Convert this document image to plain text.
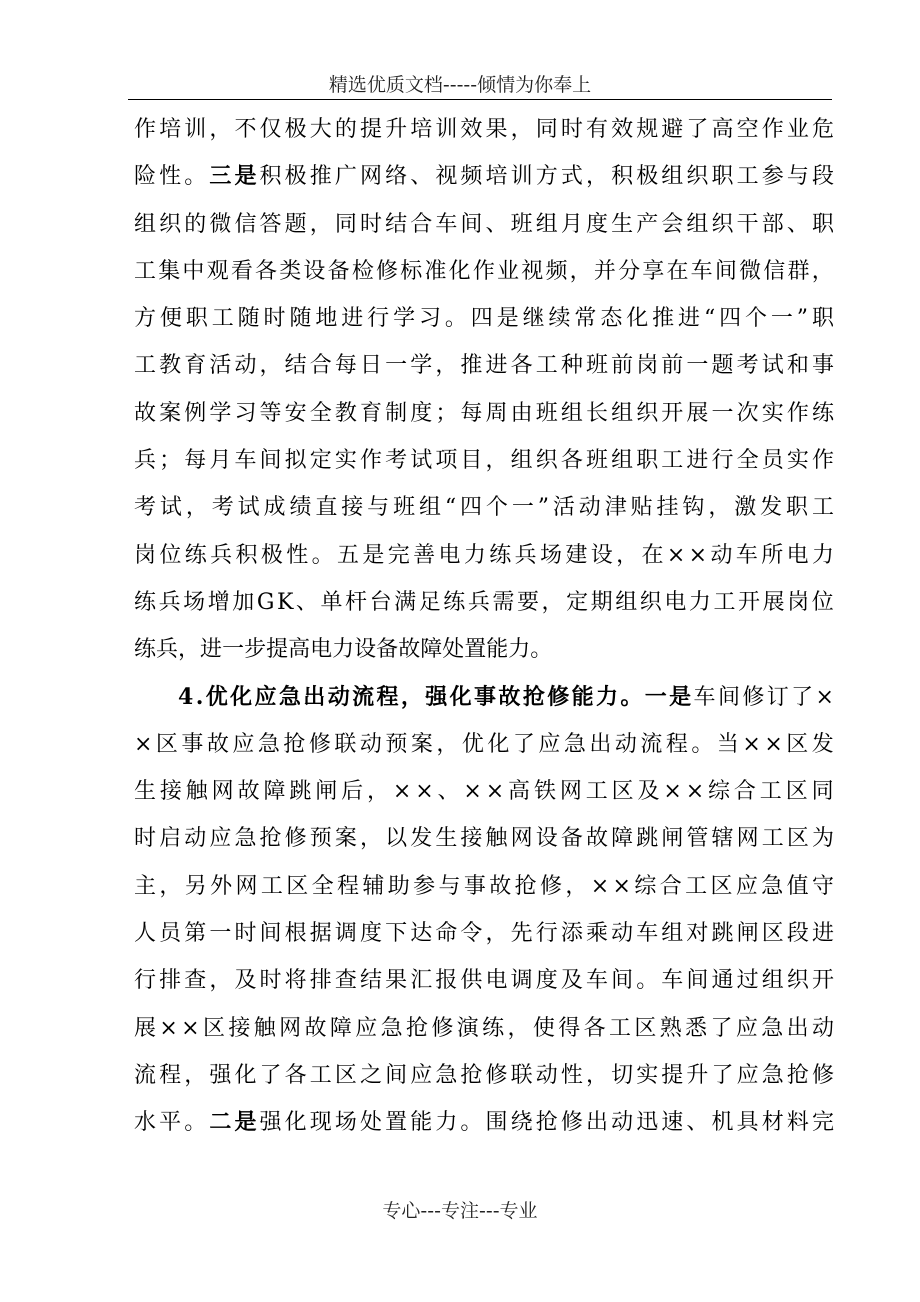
精选优质文档-----倾情为你奉上
作 培 训 ， 不 仅 极 大 的 提 升 培 训 效 果 ， 同 时 有 效 规 避 了 高 空 作 业 危
险 性 。 三 是 积 极 推 广 网 络 、 视 频 培 训 方 式 ， 积 极 组 织 职 工 参 与 段
组 织 的 微 信 答 题 ， 同 时 结 合 车 间 、 班 组 月 度 生 产 会 组 织 干 部 、 职
工 集 中 观 看 各 类 设 备 检 修 标 准 化 作 业 视 频 ， 并 分 享 在 车 间 微 信 群 ，
方 便 职 工 随 时 随 地 进 行 学 习 。 四 是 继 续 常 态 化 推 进 “ 四 个 一 ” 职
工 教 育 活 动 ， 结 合 每 日 一 学 ， 推 进 各 工 种 班 前 岗 前 一 题 考 试 和 事
故 案 例 学 习 等 安 全 教 育 制 度 ； 每 周 由 班 组 长 组 织 开 展 一 次 实 作 练
兵 ； 每 月 车 间 拟 定 实 作 考 试 项 目 ， 组 织 各 班 组 职 工 进 行 全 员 实 作
考 试 ， 考 试 成 绩 直 接 与 班 组 “ 四 个 一 ” 活 动 津 贴 挂 钩 ， 激 发 职 工
岗 位 练 兵 积 极 性 。 五 是 完 善 电 力 练 兵 场 建 设 ， 在 × × 动 车 所 电 力
练 兵 场 增 加 G K 、 单 杆 台 满 足 练 兵 需 要 ， 定 期 组 织 电 力 工 开 展 岗 位
练兵，进一步提高电力设备故障处置能力。
4 . 优 化 应 急 出 动 流 程 ， 强 化 事 故 抢 修 能 力 。 一 是 车 间 修 订 了 ×
× 区 事 故 应 急 抢 修 联 动 预 案 ， 优 化 了 应 急 出 动 流 程 。 当 × × 区 发
生 接 触 网 故 障 跳 闸 后 ， × × 、 × × 高 铁 网 工 区 及 × × 综 合 工 区 同
时 启 动 应 急 抢 修 预 案 ， 以 发 生 接 触 网 设 备 故 障 跳 闸 管 辖 网 工 区 为
主 ， 另 外 网 工 区 全 程 辅 助 参 与 事 故 抢 修 ， × × 综 合 工 区 应 急 值 守
人 员 第 一 时 间 根 据 调 度 下 达 命 令 ， 先 行 添 乘 动 车 组 对 跳 闸 区 段 进
行 排 查 ， 及 时 将 排 查 结 果 汇 报 供 电 调 度 及 车 间 。 车 间 通 过 组 织 开
展 × × 区 接 触 网 故 障 应 急 抢 修 演 练 ， 使 得 各 工 区 熟 悉 了 应 急 出 动
流 程 ， 强 化 了 各 工 区 之 间 应 急 抢 修 联 动 性 ， 切 实 提 升 了 应 急 抢 修
水 平 。 二 是 强 化 现 场 处 置 能 力 。 围 绕 抢 修 出 动 迅 速 、 机 具 材 料 完
专心---专注---专业
